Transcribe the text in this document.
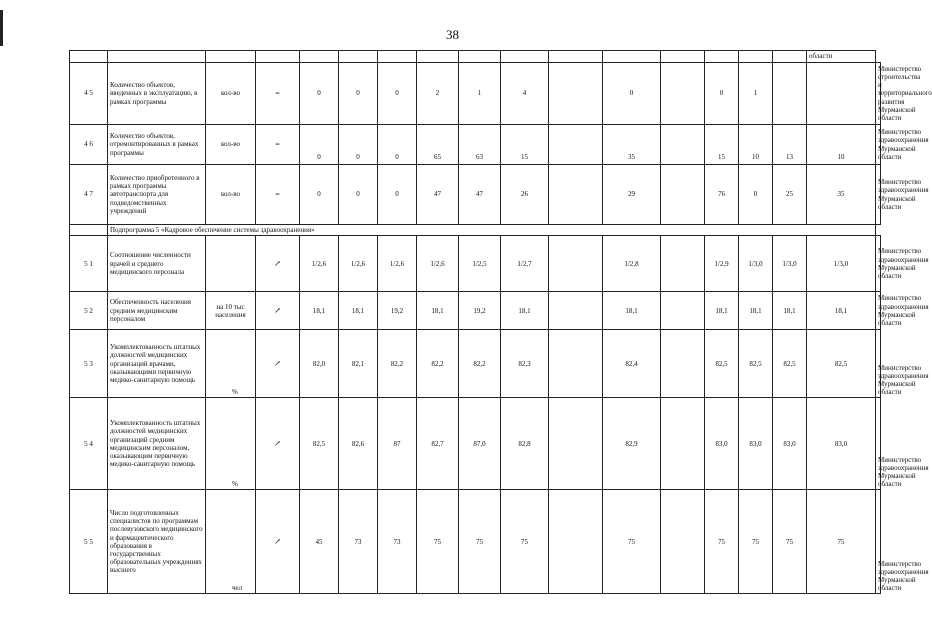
38
																области	
4 5	Количество объектов, введенных в эксплуатацию, в рамках программы	кол-во	=	0	0	0	2	1	4		0		0	1			Министерство строительства и территориального развития Мурманской области
4 6	Количество объектов, отремонтированных в рамках программы	кол-во	=	0	0	0	65	63	15		35		15	10	13	10	Министерство здравоохранения Мурманской области
4 7	Количество приобретенного в рамках программы автотранспорта для подведомственных учреждений	кол-во	=	0	0	0	47	47	26		29		76	0	25	35	Министерство здравоохранения Мурманской области
	Подпрограмма 5 «Кадровое обеспечение системы здравоохранения»																
5 1	Соотношение численности врачей и среднего медицинского персонала		↗	1/2,6	1/2,6	1/2,6	1/2,6	1/2,5	1/2,7		1/2,8		1/2,9	1/3,0	1/3,0	1/3,0	Министерство здравоохранения Мурманской области
5 2	Обеспеченность населения средним медицинским персоналом	на 10 тыс населения	↗	18,1	18,1	19,2	18,1	19,2	18,1		18,1		18,1	18,1	18,1	18,1	Министерство здравоохранения Мурманской области
5 3	Укомплектованность штатных должностей медицинских организаций врачами, оказывающими первичную медико-санитарную помощь	%	↗	82,0	82,1	82,2	82,2	82,2	82,3		82,4		82,5	82,5	82,5	82,5	Министерство здравоохранения Мурманской области
5 4	Укомплектованность штатных должностей медицинских организаций средним медицинским персоналом, оказывающим первичную медико-санитарную помощь	%	↗	82,5	82,6	87	82,7	87,0	82,8		82,9		83,0	83,0	83,0	83,0	Министерство здравоохранения Мурманской области
5 5	Число подготовленных специалистов по программам послевузовского медицинского и фармацевтического образования в государственных образовательных учреждениях высшего	чел	↗	45	73	73	75	75	75		75		75	75	75	75	Министерство здравоохранения Мурманской области
